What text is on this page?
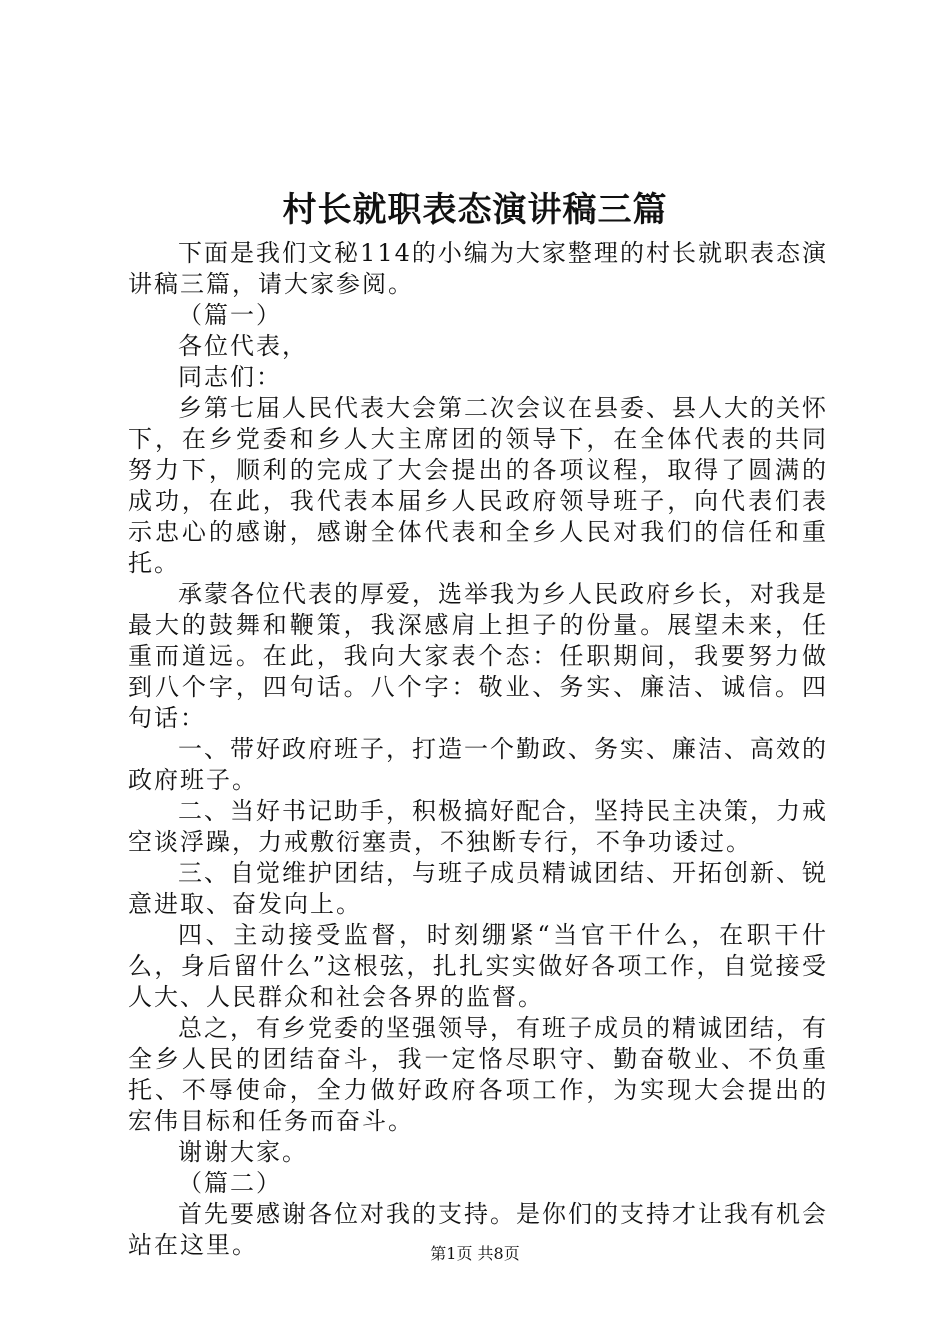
村长就职表态演讲稿三篇

下面是我们文秘114的小编为大家整理的村长就职表态演讲稿三篇，请大家参阅。

（篇一）

各位代表，

同志们：

乡第七届人民代表大会第二次会议在县委、县人大的关怀下，在乡党委和乡人大主席团的领导下，在全体代表的共同努力下，顺利的完成了大会提出的各项议程，取得了圆满的成功，在此，我代表本届乡人民政府领导班子，向代表们表示忠心的感谢，感谢全体代表和全乡人民对我们的信任和重托。

承蒙各位代表的厚爱，选举我为乡人民政府乡长，对我是最大的鼓舞和鞭策，我深感肩上担子的份量。展望未来，任重而道远。在此，我向大家表个态：任职期间，我要努力做到八个字，四句话。八个字：敬业、务实、廉洁、诚信。四句话：

一、带好政府班子，打造一个勤政、务实、廉洁、高效的政府班子。

二、当好书记助手，积极搞好配合，坚持民主决策，力戒空谈浮躁，力戒敷衍塞责，不独断专行，不争功诿过。

三、自觉维护团结，与班子成员精诚团结、开拓创新、锐意进取、奋发向上。

四、主动接受监督，时刻绷紧“当官干什么，在职干什么，身后留什么”这根弦，扎扎实实做好各项工作，自觉接受人大、人民群众和社会各界的监督。

总之，有乡党委的坚强领导，有班子成员的精诚团结，有全乡人民的团结奋斗，我一定恪尽职守、勤奋敬业、不负重托、不辱使命，全力做好政府各项工作，为实现大会提出的宏伟目标和任务而奋斗。

谢谢大家。

（篇二）

首先要感谢各位对我的支持。是你们的支持才让我有机会站在这里。	第1页 共8页
